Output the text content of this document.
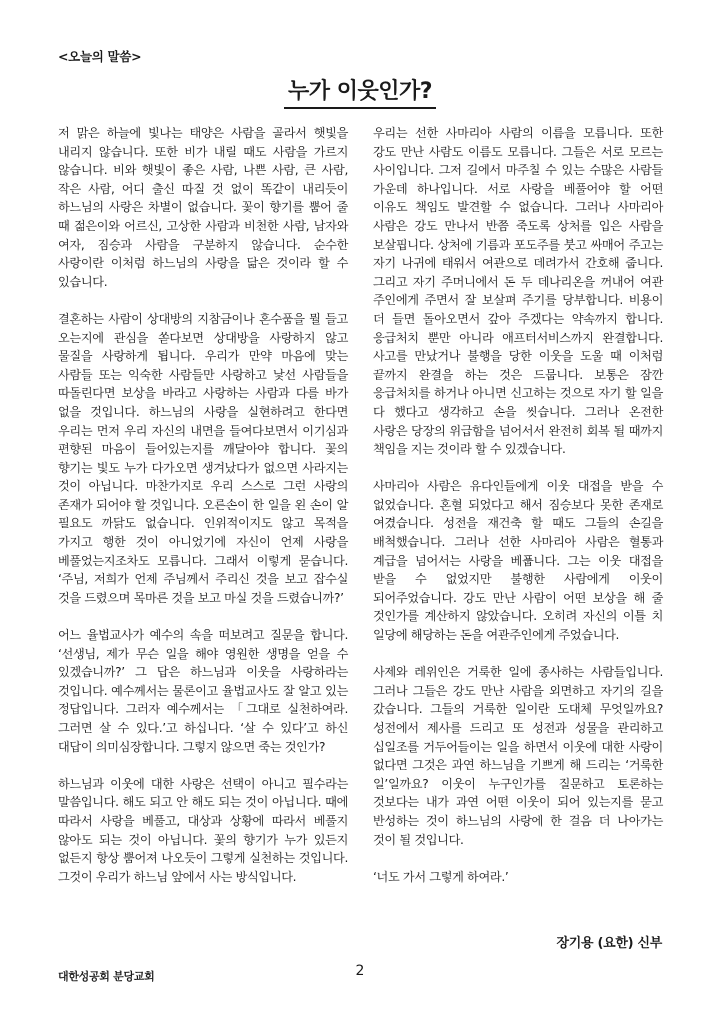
<오늘의 말씀>
누가 이웃인가?

저 맑은 하늘에 빛나는 태양은 사람을 골라서 햇빛을 내리지 않습니다. 또한 비가 내릴 때도 사람을 가르지 않습니다. 비와 햇빛이 좋은 사람, 나쁜 사람, 큰 사람, 작은 사람, 어디 출신 따질 것 없이 똑같이 내리듯이 하느님의 사랑은 차별이 없습니다. 꽃이 향기를 뿜어 줄 때 젊은이와 어르신, 고상한 사람과 비천한 사람, 남자와 여자, 짐승과 사람을 구분하지 않습니다. 순수한 사랑이란 이처럼 하느님의 사랑을 닮은 것이라 할 수 있습니다.

결혼하는 사람이 상대방의 지참금이나 혼수품을 뭘 들고 오는지에 관심을 쏟다보면 상대방을 사랑하지 않고 물질을 사랑하게 됩니다. 우리가 만약 마음에 맞는 사람들 또는 익숙한 사람들만 사랑하고 낯선 사람들을 따돌린다면 보상을 바라고 사랑하는 사람과 다를 바가 없을 것입니다. 하느님의 사랑을 실현하려고 한다면 우리는 먼저 우리 자신의 내면을 들여다보면서 이기심과 편향된 마음이 들어있는지를 깨달아야 합니다. 꽃의 향기는 빛도 누가 다가오면 생겨났다가 없으면 사라지는 것이 아닙니다. 마찬가지로 우리 스스로 그런 사랑의 존재가 되어야 할 것입니다. 오른손이 한 일을 왼 손이 알 필요도 까닭도 없습니다. 인위적이지도 않고 목적을 가지고 행한 것이 아니었기에 자신이 언제 사랑을 베풀었는지조차도 모릅니다. 그래서 이렇게 묻습니다. ‘주님, 저희가 언제 주님께서 주리신 것을 보고 잡수실 것을 드렸으며 목마른 것을 보고 마실 것을 드렸습니까?’

어느 율법교사가 예수의 속을 떠보려고 질문을 합니다. ‘선생님, 제가 무슨 일을 해야 영원한 생명을 얻을 수 있겠습니까?’ 그 답은 하느님과 이웃을 사랑하라는 것입니다. 예수께서는 물론이고 율법교사도 잘 알고 있는 정답입니다. 그러자 예수께서는 「그대로 실천하여라. 그러면 살 수 있다.’고 하십니다. ‘살 수 있다’고 하신 대답이 의미심장합니다. 그렇지 않으면 죽는 것인가?

하느님과 이웃에 대한 사랑은 선택이 아니고 필수라는 말씀입니다. 해도 되고 안 해도 되는 것이 아닙니다. 때에 따라서 사랑을 베풀고, 대상과 상황에 따라서 베풀지 않아도 되는 것이 아닙니다. 꽃의 향기가 누가 있든지 없든지 항상 뿜어져 나오듯이 그렇게 실천하는 것입니다. 그것이 우리가 하느님 앞에서 사는 방식입니다.

우리는 선한 사마리아 사람의 이름을 모릅니다. 또한 강도 만난 사람도 이름도 모릅니다. 그들은 서로 모르는 사이입니다. 그저 길에서 마주칠 수 있는 수많은 사람들 가운데 하나입니다. 서로 사랑을 베풀어야 할 어떤 이유도 책임도 발견할 수 없습니다. 그러나 사마리아 사람은 강도 만나서 반쯤 죽도록 상처를 입은 사람을 보살핍니다. 상처에 기름과 포도주를 붓고 싸매어 주고는 자기 나귀에 태워서 여관으로 데려가서 간호해 줍니다. 그리고 자기 주머니에서 돈 두 데나리온을 꺼내어 여관 주인에게 주면서 잘 보살펴 주기를 당부합니다. 비용이 더 들면 돌아오면서 갚아 주겠다는 약속까지 합니다. 응급처치 뿐만 아니라 애프터서비스까지 완결합니다. 사고를 만났거나 불행을 당한 이웃을 도울 때 이처럼 끝까지 완결을 하는 것은 드뭅니다. 보통은 잠깐 응급처치를 하거나 아니면 신고하는 것으로 자기 할 일을 다 했다고 생각하고 손을 씻습니다. 그러나 온전한 사랑은 당장의 위급함을 넘어서서 완전히 회복 될 때까지 책임을 지는 것이라 할 수 있겠습니다.

사마리아 사람은 유다인들에게 이웃 대접을 받을 수 없었습니다. 혼혈 되었다고 해서 짐승보다 못한 존재로 여겼습니다. 성전을 재건축 할 때도 그들의 손길을 배척했습니다. 그러나 선한 사마리아 사람은 혈통과 계급을 넘어서는 사랑을 베풉니다. 그는 이웃 대접을 받을 수 없었지만 불행한 사람에게 이웃이 되어주었습니다. 강도 만난 사람이 어떤 보상을 해 줄 것인가를 계산하지 않았습니다. 오히려 자신의 이틀 치 일당에 해당하는 돈을 여관주인에게 주었습니다.

사제와 레위인은 거룩한 일에 종사하는 사람들입니다. 그러나 그들은 강도 만난 사람을 외면하고 자기의 길을 갔습니다. 그들의 거룩한 일이란 도대체 무엇일까요? 성전에서 제사를 드리고 또 성전과 성물을 관리하고 십일조를 거두어들이는 일을 하면서 이웃에 대한 사랑이 없다면 그것은 과연 하느님을 기쁘게 해 드리는 ‘거룩한 일’일까요? 이웃이 누구인가를 질문하고 토론하는 것보다는 내가 과연 어떤 이웃이 되어 있는지를 묻고 반성하는 것이 하느님의 사랑에 한 걸음 더 나아가는 것이 될 것입니다.

‘너도 가서 그렇게 하여라.’

장기용 (요한) 신부
대한성공회 분당교회	2
